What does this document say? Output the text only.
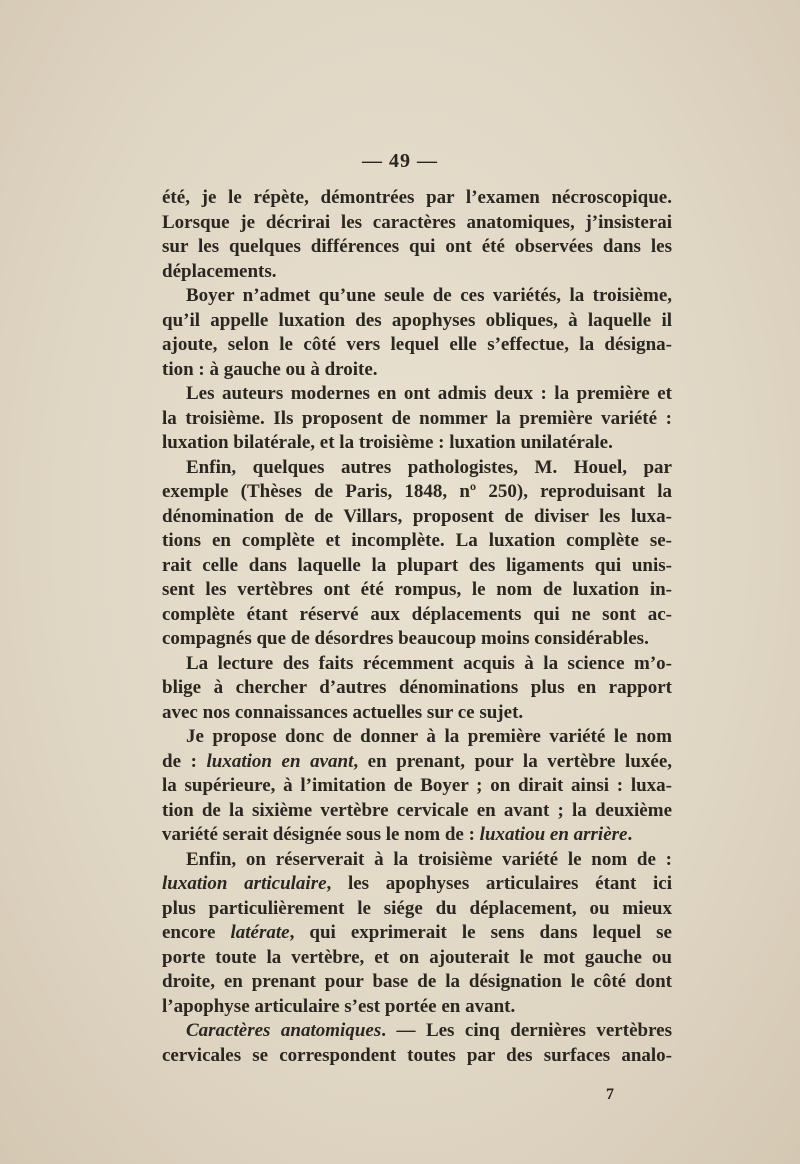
— 49 —
été, je le répète, démontrées par l’examen nécroscopique.
Lorsque je décrirai les caractères anatomiques, j’insisterai
sur les quelques différences qui ont été observées dans les
déplacements.
Boyer n’admet qu’une seule de ces variétés, la troisième,
qu’il appelle luxation des apophyses obliques, à laquelle il
ajoute, selon le côté vers lequel elle s’effectue, la désigna-
tion : à gauche ou à droite.
Les auteurs modernes en ont admis deux : la première et
la troisième. Ils proposent de nommer la première variété :
luxation bilatérale, et la troisième : luxation unilatérale.
Enfin, quelques autres pathologistes, M. Houel, par
exemple (Thèses de Paris, 1848, nº 250), reproduisant la
dénomination de de Villars, proposent de diviser les luxa-
tions en complète et incomplète. La luxation complète se-
rait celle dans laquelle la plupart des ligaments qui unis-
sent les vertèbres ont été rompus, le nom de luxation in-
complète étant réservé aux déplacements qui ne sont ac-
compagnés que de désordres beaucoup moins considérables.
La lecture des faits récemment acquis à la science m’o-
blige à chercher d’autres dénominations plus en rapport
avec nos connaissances actuelles sur ce sujet.
Je propose donc de donner à la première variété le nom
de : luxation en avant, en prenant, pour la vertèbre luxée,
la supérieure, à l’imitation de Boyer ; on dirait ainsi : luxa-
tion de la sixième vertèbre cervicale en avant ; la deuxième
variété serait désignée sous le nom de : luxatiou en arrière.
Enfin, on réserverait à la troisième variété le nom de :
luxation articulaire, les apophyses articulaires étant ici
plus particulièrement le siége du déplacement, ou mieux
encore latérate, qui exprimerait le sens dans lequel se
porte toute la vertèbre, et on ajouterait le mot gauche ou
droite, en prenant pour base de la désignation le côté dont
l’apophyse articulaire s’est portée en avant.
Caractères anatomiques. — Les cinq dernières vertèbres
cervicales se correspondent toutes par des surfaces analo-
7
